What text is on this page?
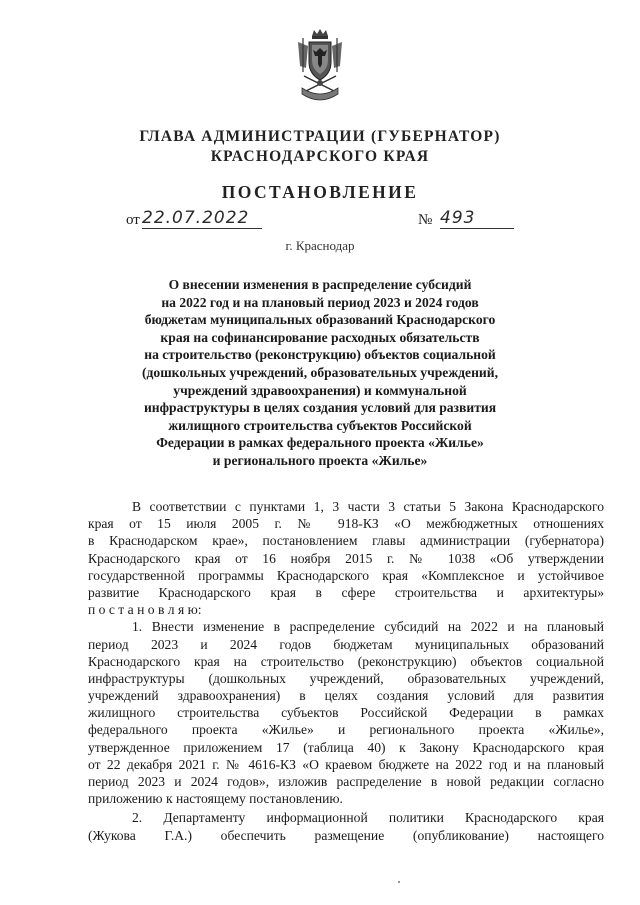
ГЛАВА АДМИНИСТРАЦИИ (ГУБЕРНАТОР)
КРАСНОДАРСКОГО КРАЯ
ПОСТАНОВЛЕНИЕ
от 22.07.2022	№ 493
г. Краснодар
О внесении изменения в распределение субсидий
на 2022 год и на плановый период 2023 и 2024 годов
бюджетам муниципальных образований Краснодарского
края на софинансирование расходных обязательств
на строительство (реконструкцию) объектов социальной
(дошкольных учреждений, образовательных учреждений,
учреждений здравоохранения) и коммунальной
инфраструктуры в целях создания условий для развития
жилищного строительства субъектов Российской
Федерации в рамках федерального проекта «Жилье»
и регионального проекта «Жилье»
В соответствии с пунктами 1, 3 части 3 статьи 5 Закона Краснодарского
края от 15 июля 2005 г. № 918-КЗ «О межбюджетных отношениях
в Краснодарском крае», постановлением главы администрации (губернатора)
Краснодарского края от 16 ноября 2015 г. № 1038 «Об утверждении
государственной программы Краснодарского края «Комплексное и устойчивое
развитие Краснодарского края в сфере строительства и архитектуры»
п о с т а н о в л я ю:
1. Внести изменение в распределение субсидий на 2022 и на плановый
период 2023 и 2024 годов бюджетам муниципальных образований
Краснодарского края на строительство (реконструкцию) объектов социальной
инфраструктуры (дошкольных учреждений, образовательных учреждений,
учреждений здравоохранения) в целях создания условий для развития
жилищного строительства субъектов Российской Федерации в рамках
федерального проекта «Жилье» и регионального проекта «Жилье»,
утвержденное приложением 17 (таблица 40) к Закону Краснодарского края
от 22 декабря 2021 г. № 4616-КЗ «О краевом бюджете на 2022 год и на плановый
период 2023 и 2024 годов», изложив распределение в новой редакции согласно
приложению к настоящему постановлению.
2. Департаменту информационной политики Краснодарского края
(Жукова Г.А.) обеспечить размещение (опубликование) настоящего
